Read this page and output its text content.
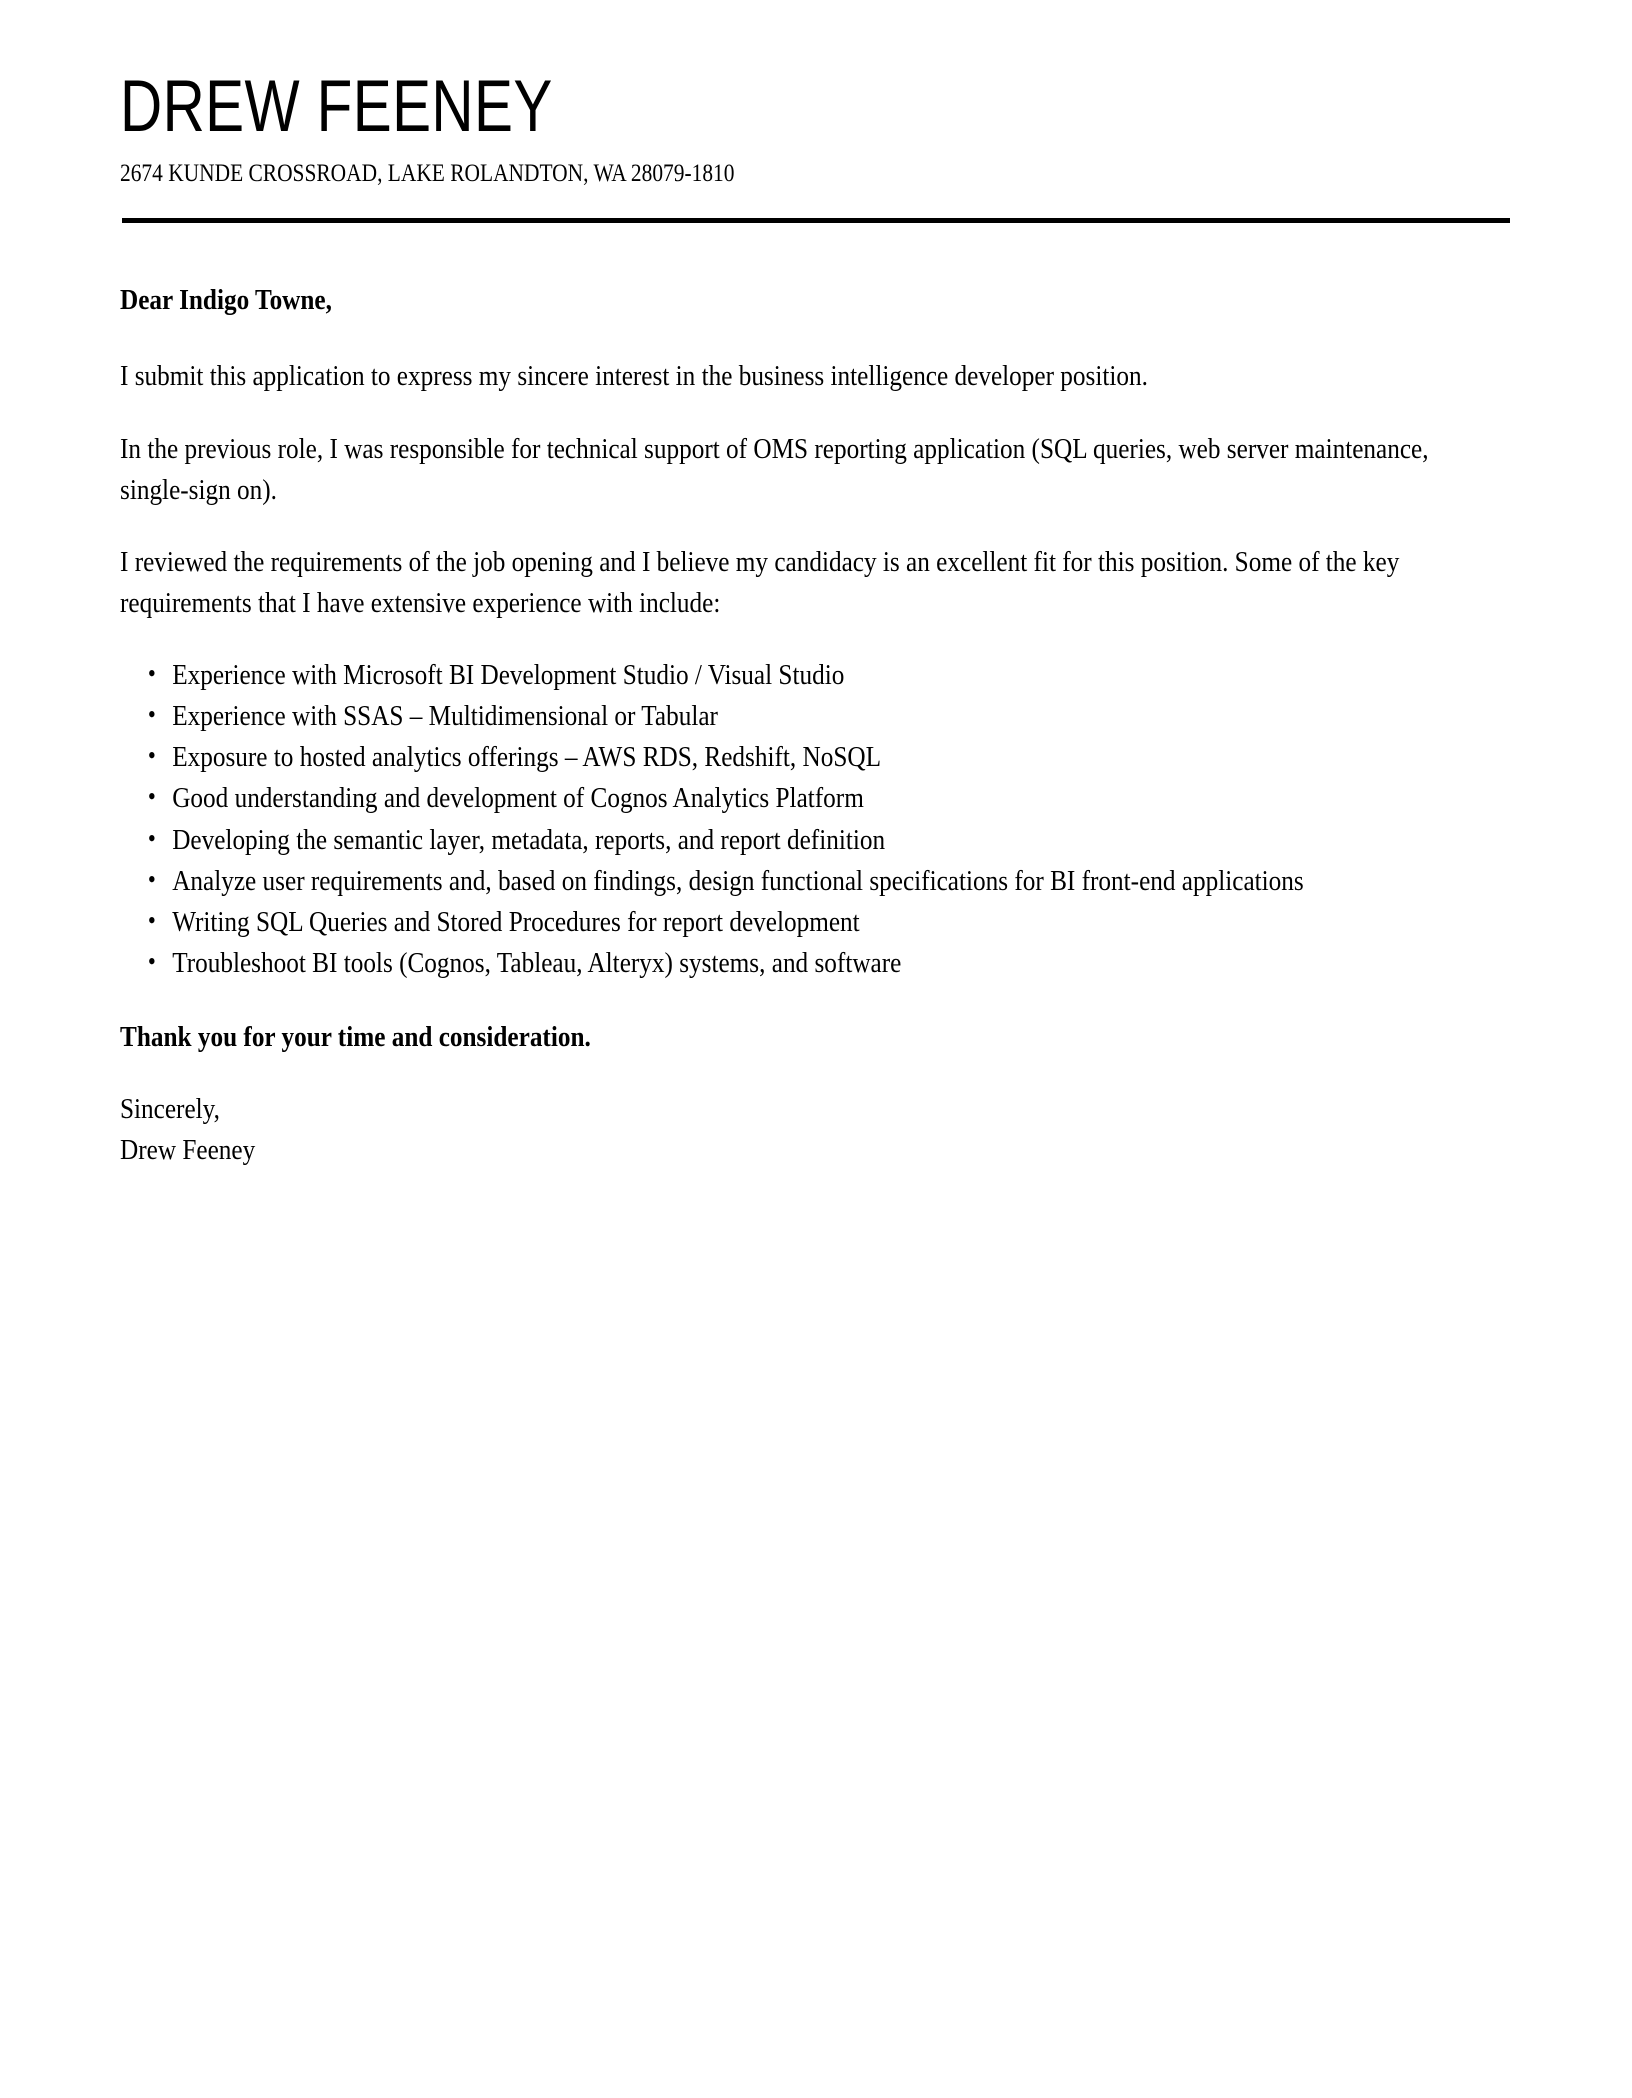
DREW FEENEY
2674 KUNDE CROSSROAD, LAKE ROLANDTON, WA 28079-1810
Dear Indigo Towne,

I submit this application to express my sincere interest in the business intelligence developer position.

In the previous role, I was responsible for technical support of OMS reporting application (SQL queries, web server maintenance, single-sign on).

I reviewed the requirements of the job opening and I believe my candidacy is an excellent fit for this position. Some of the key requirements that I have extensive experience with include:

• Experience with Microsoft BI Development Studio / Visual Studio
• Experience with SSAS – Multidimensional or Tabular
• Exposure to hosted analytics offerings – AWS RDS, Redshift, NoSQL
• Good understanding and development of Cognos Analytics Platform
• Developing the semantic layer, metadata, reports, and report definition
• Analyze user requirements and, based on findings, design functional specifications for BI front-end applications
• Writing SQL Queries and Stored Procedures for report development
• Troubleshoot BI tools (Cognos, Tableau, Alteryx) systems, and software
Thank you for your time and consideration.
Sincerely,
Drew Feeney
